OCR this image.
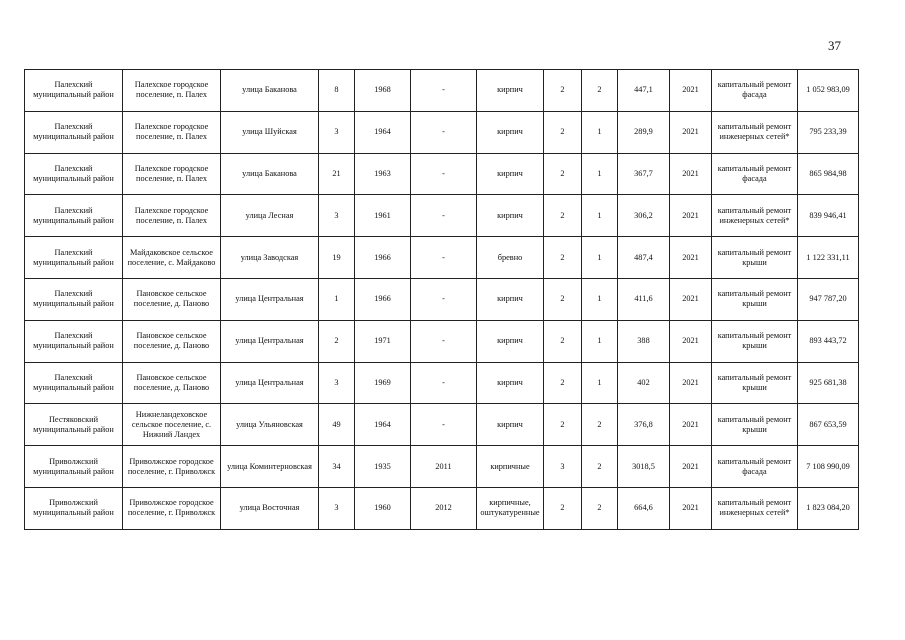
37
Палехский муниципальный район	Палехское городское поселение, п. Палех	улица Баканова	8	1968	-	кирпич	2	2	447,1	2021	капитальный ремонт фасада	1 052 983,09
Палехский муниципальный район	Палехское городское поселение, п. Палех	улица Шуйская	3	1964	-	кирпич	2	1	289,9	2021	капитальный ремонт инженерных сетей*	795 233,39
Палехский муниципальный район	Палехское городское поселение, п. Палех	улица Баканова	21	1963	-	кирпич	2	1	367,7	2021	капитальный ремонт фасада	865 984,98
Палехский муниципальный район	Палехское городское поселение, п. Палех	улица Лесная	3	1961	-	кирпич	2	1	306,2	2021	капитальный ремонт инженерных сетей*	839 946,41
Палехский муниципальный район	Майдаковское сельское поселение, с. Майдаково	улица Заводская	19	1966	-	бревно	2	1	487,4	2021	капитальный ремонт крыши	1 122 331,11
Палехский муниципальный район	Пановское сельское поселение, д. Паново	улица Центральная	1	1966	-	кирпич	2	1	411,6	2021	капитальный ремонт крыши	947 787,20
Палехский муниципальный район	Пановское сельское поселение, д. Паново	улица Центральная	2	1971	-	кирпич	2	1	388	2021	капитальный ремонт крыши	893 443,72
Палехский муниципальный район	Пановское сельское поселение, д. Паново	улица Центральная	3	1969	-	кирпич	2	1	402	2021	капитальный ремонт крыши	925 681,38
Пестяковский муниципальный район	Нижнеландеховское сельское поселение, с. Нижний Ландех	улица Ульяновская	49	1964	-	кирпич	2	2	376,8	2021	капитальный ремонт крыши	867 653,59
Приволжский муниципальный район	Приволжское городское поселение, г. Приволжск	улица Коминтерновская	34	1935	2011	кирпичные	3	2	3018,5	2021	капитальный ремонт фасада	7 108 990,09
Приволжский муниципальный район	Приволжское городское поселение, г. Приволжск	улица Восточная	3	1960	2012	кирпичные, оштукатуренные	2	2	664,6	2021	капитальный ремонт инженерных сетей*	1 823 084,20
